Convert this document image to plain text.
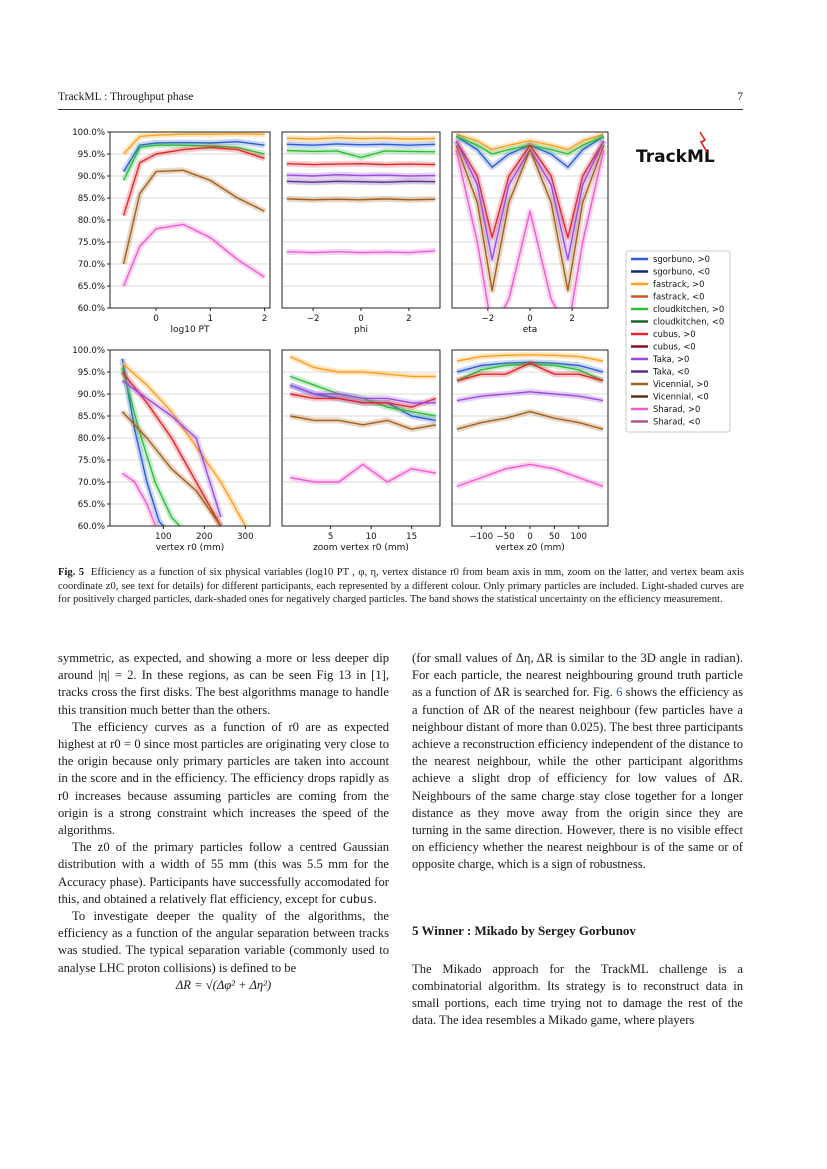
TrackML : Throughput phase	7
100.0%
95.0%
90.0%
85.0%
80.0%
75.0%
70.0%
65.0%
60.0%
0	1	2
log10 PT
−2	0	2
phi
−2	0	2
eta
100.0%
95.0%
90.0%
85.0%
80.0%
75.0%
70.0%
65.0%
60.0%
100	200	300
vertex r0 (mm)
5	10	15
zoom vertex r0 (mm)
−100 −50 0 50 100
vertex z0 (mm)
TrackML
sgorbuno, >0
sgorbuno, <0
fastrack, >0
fastrack, <0
cloudkitchen, >0
cloudkitchen, <0
cubus, >0
cubus, <0
Taka, >0
Taka, <0
Vicennial, >0
Vicennial, <0
Sharad, >0
Sharad, <0
Fig. 5 Efficiency as a function of six physical variables (log10 PT , φ, η, vertex distance r0 from beam axis in mm, zoom on the latter, and vertex beam axis coordinate z0, see text for details) for different participants, each represented by a different colour. Only primary particles are included. Light-shaded curves are for positively charged particles, dark-shaded ones for negatively charged particles. The band shows the statistical uncertainty on the efficiency measurement.

symmetric, as expected, and showing a more or less deeper dip around |η| = 2. In these regions, as can be seen Fig 13 in [1], tracks cross the first disks. The best algorithms manage to handle this transition much better than the others.

The efficiency curves as a function of r0 are as expected highest at r0 = 0 since most particles are originating very close to the origin because only primary particles are taken into account in the score and in the efficiency. The efficiency drops rapidly as r0 increases because assuming particles are coming from the origin is a strong constraint which increases the speed of the algorithms.

The z0 of the primary particles follow a centred Gaussian distribution with a width of 55 mm (this was 5.5 mm for the Accuracy phase). Participants have successfully accomodated for this, and obtained a relatively flat efficiency, except for cubus.

To investigate deeper the quality of the algorithms, the efficiency as a function of the angular separation between tracks was studied. The typical separation variable (commonly used to analyse LHC proton collisions) is defined to be

ΔR = √(Δφ² + Δη²)

(for small values of Δη, ΔR is similar to the 3D angle in radian). For each particle, the nearest neighbouring ground truth particle as a function of ΔR is searched for. Fig. 6 shows the efficiency as a function of ΔR of the nearest neighbour (few particles have a neighbour distant of more than 0.025). The best three participants achieve a reconstruction efficiency independent of the distance to the nearest neighbour, while the other participant algorithms achieve a slight drop of efficiency for low values of ΔR. Neighbours of the same charge stay close together for a longer distance as they move away from the origin since they are turning in the same direction. However, there is no visible effect on efficiency whether the nearest neighbour is of the same or of opposite charge, which is a sign of robustness.

5 Winner : Mikado by Sergey Gorbunov

The Mikado approach for the TrackML challenge is a combinatorial algorithm. Its strategy is to reconstruct data in small portions, each time trying not to damage the rest of the data. The idea resembles a Mikado game, where players
